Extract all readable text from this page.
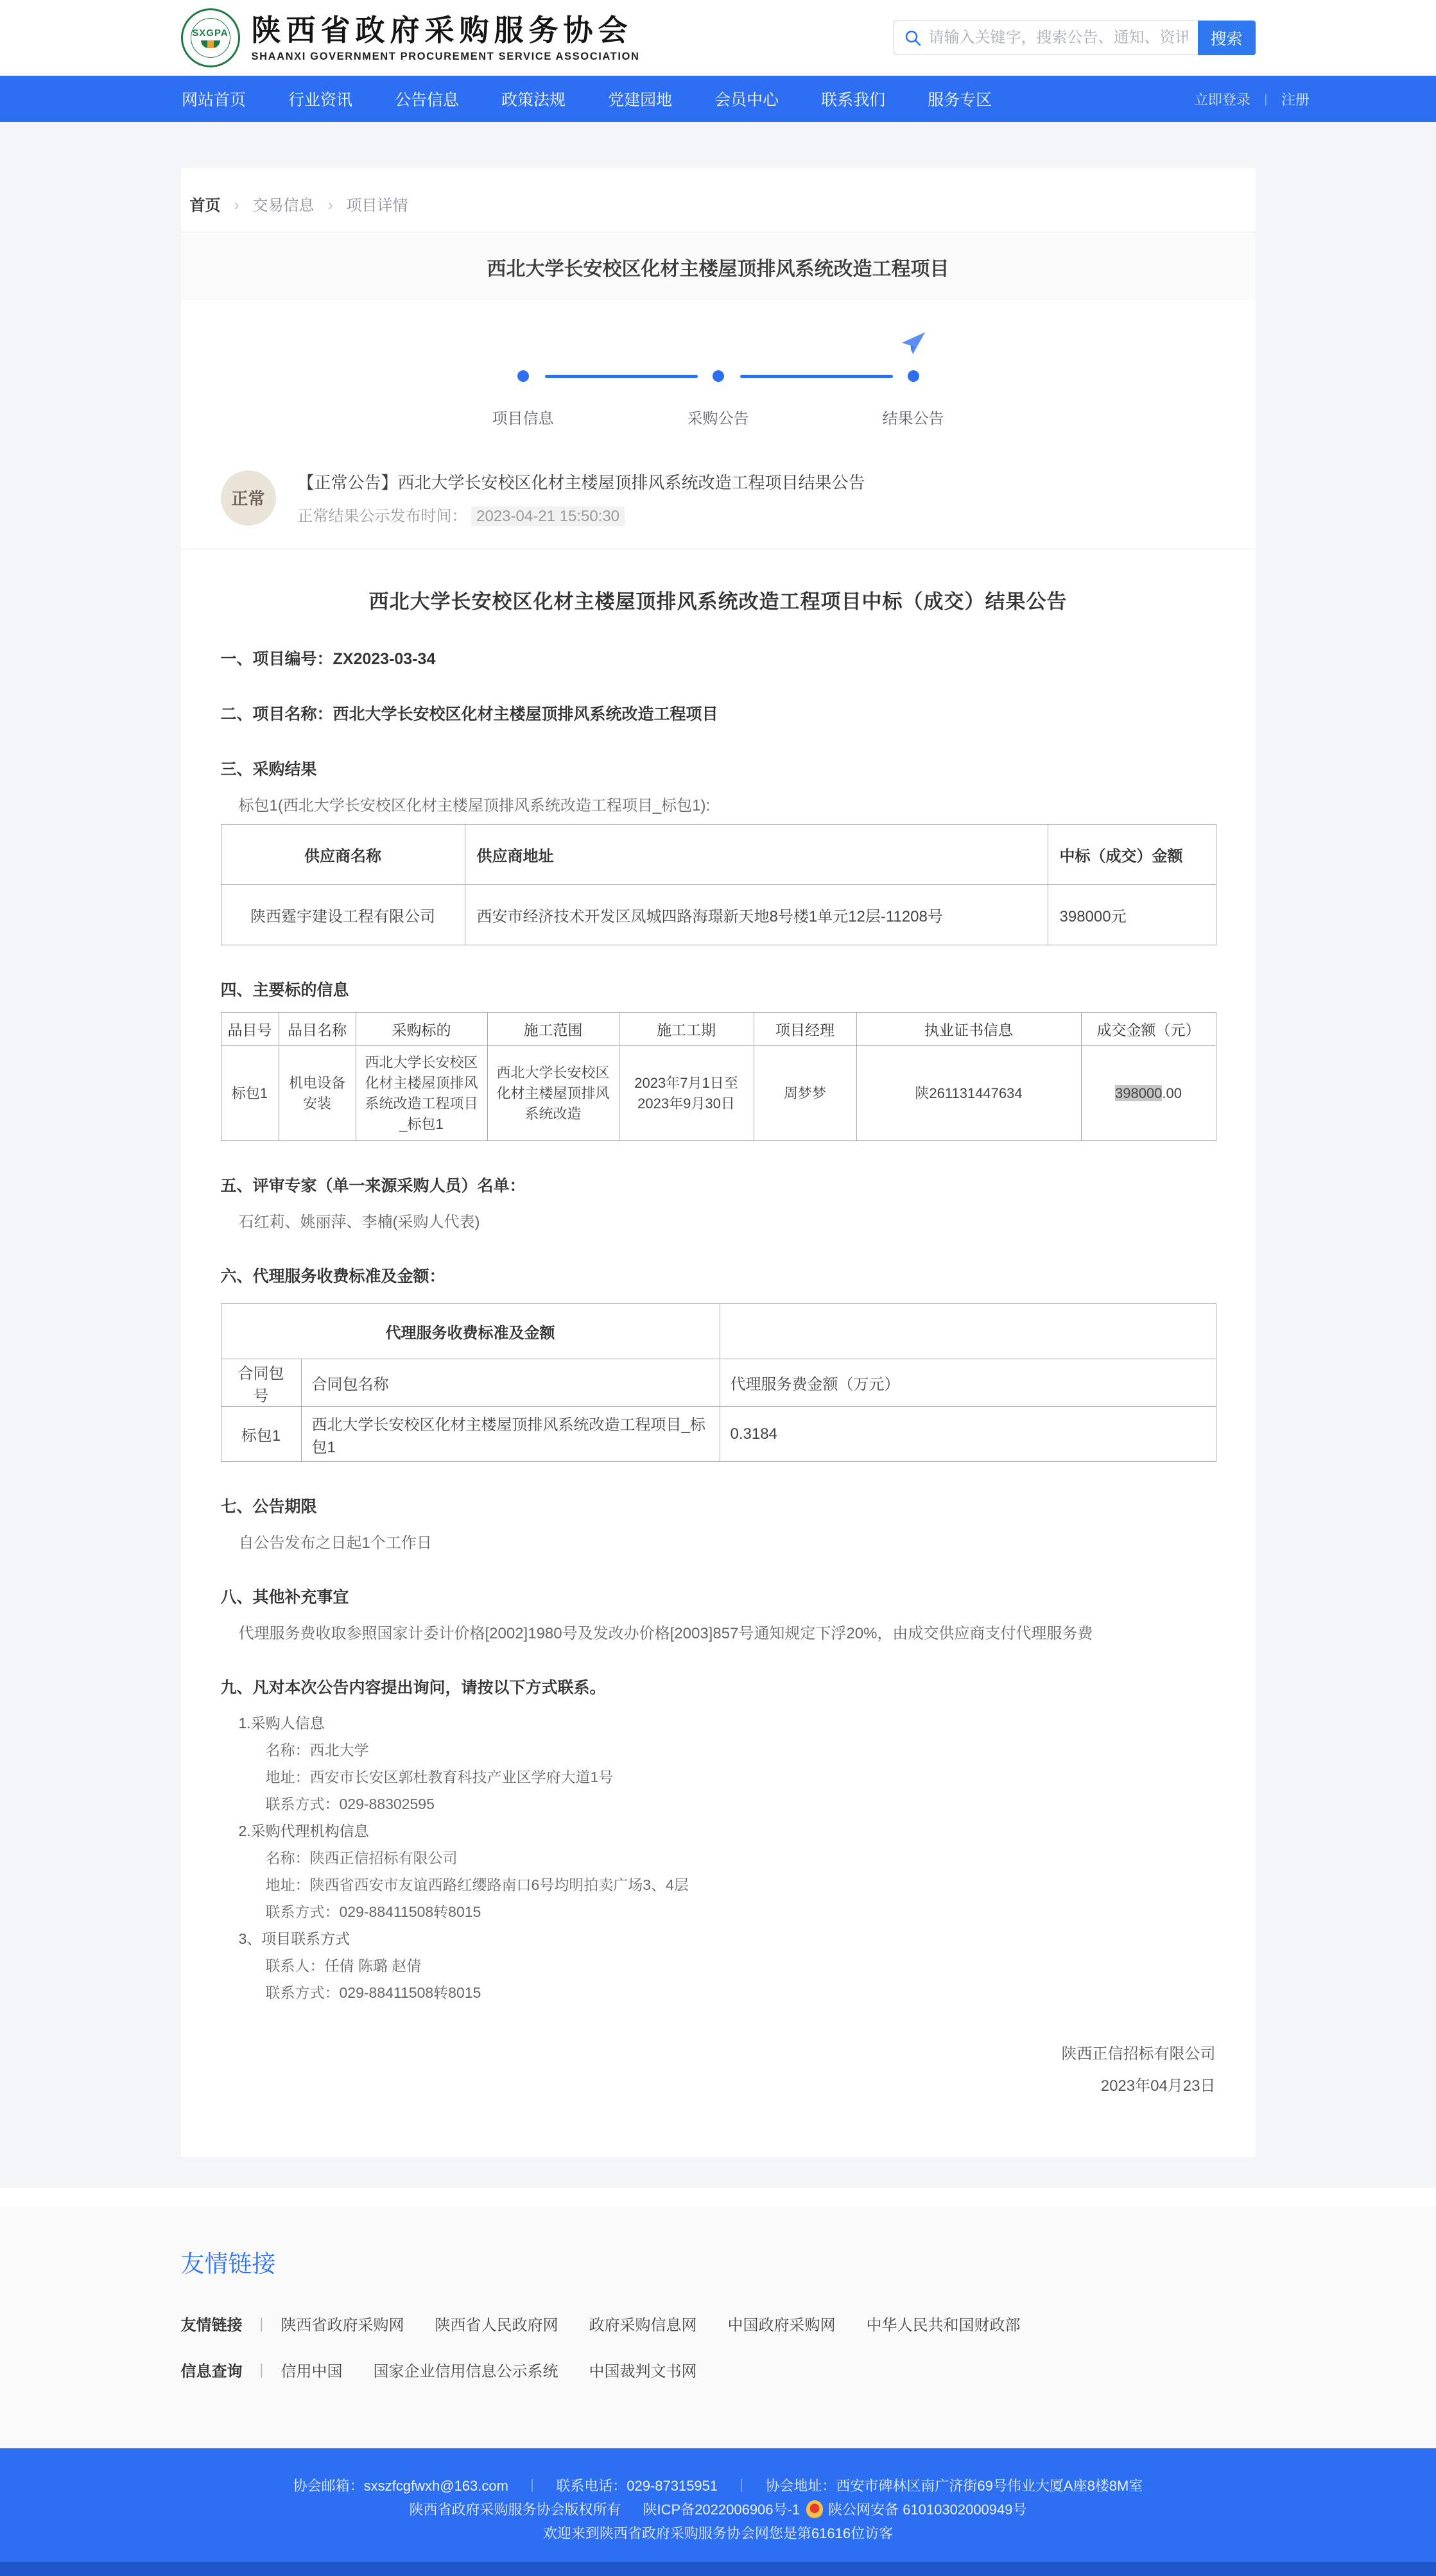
SXGPA 陕西省政府采购服务协会
SHAANXI GOVERNMENT PROCUREMENT SERVICE ASSOCIATION
请输入关键字，搜索公告、通知、资讯
搜索
网站首页	行业资讯	公告信息	政策法规	党建园地	会员中心	联系我们	服务专区	立即登录 丨 注册
首页 › 交易信息 › 项目详情
西北大学长安校区化材主楼屋顶排风系统改造工程项目
项目信息	采购公告	结果公告
正常
【正常公告】西北大学长安校区化材主楼屋顶排风系统改造工程项目结果公告
正常结果公示发布时间： 2023-04-21 15:50:30
西北大学长安校区化材主楼屋顶排风系统改造工程项目中标（成交）结果公告
一、项目编号：ZX2023-03-34
二、项目名称：西北大学长安校区化材主楼屋顶排风系统改造工程项目
三、采购结果
标包1(西北大学长安校区化材主楼屋顶排风系统改造工程项目_标包1):
供应商名称	供应商地址	中标（成交）金额
陕西霆宇建设工程有限公司	西安市经济技术开发区凤城四路海璟新天地8号楼1单元12层-11208号	398000元
四、主要标的信息
品目号	品目名称	采购标的	施工范围	施工工期	项目经理	执业证书信息	成交金额（元）
标包1	机电设备安装	西北大学长安校区化材主楼屋顶排风系统改造工程项目_标包1	西北大学长安校区化材主楼屋顶排风系统改造	2023年7月1日至2023年9月30日	周梦梦	陕261131447634	398000.00
五、评审专家（单一来源采购人员）名单：
石红莉、姚丽萍、李楠(采购人代表)
六、代理服务收费标准及金额：
代理服务收费标准及金额		
合同包号	合同包名称	代理服务费金额（万元）
标包1	西北大学长安校区化材主楼屋顶排风系统改造工程项目_标包1	0.3184
七、公告期限
自公告发布之日起1个工作日
八、其他补充事宜
代理服务费收取参照国家计委计价格[2002]1980号及发改办价格[2003]857号通知规定下浮20%，由成交供应商支付代理服务费
九、凡对本次公告内容提出询问，请按以下方式联系。
1.采购人信息
名称：西北大学
地址：西安市长安区郭杜教育科技产业区学府大道1号
联系方式：029-88302595
2.采购代理机构信息
名称：陕西正信招标有限公司
地址：陕西省西安市友谊西路红缨路南口6号均明拍卖广场3、4层
联系方式：029-88411508转8015
3、项目联系方式
联系人：任倩 陈璐 赵倩
联系方式：029-88411508转8015
陕西正信招标有限公司
2023年04月23日
友情链接
友情链接 丨 陕西省政府采购网 陕西省人民政府网 政府采购信息网 中国政府采购网 中华人民共和国财政部
信息查询 丨 信用中国 国家企业信用信息公示系统 中国裁判文书网
协会邮箱：sxszfcgfwxh@163.com 丨 联系电话：029-87315951 丨 协会地址：西安市碑林区南广济街69号伟业大厦A座8楼8M室
陕西省政府采购服务协会版权所有 陕ICP备2022006906号-1 陕公网安备 61010302000949号
欢迎来到陕西省政府采购服务协会网您是第61616位访客
